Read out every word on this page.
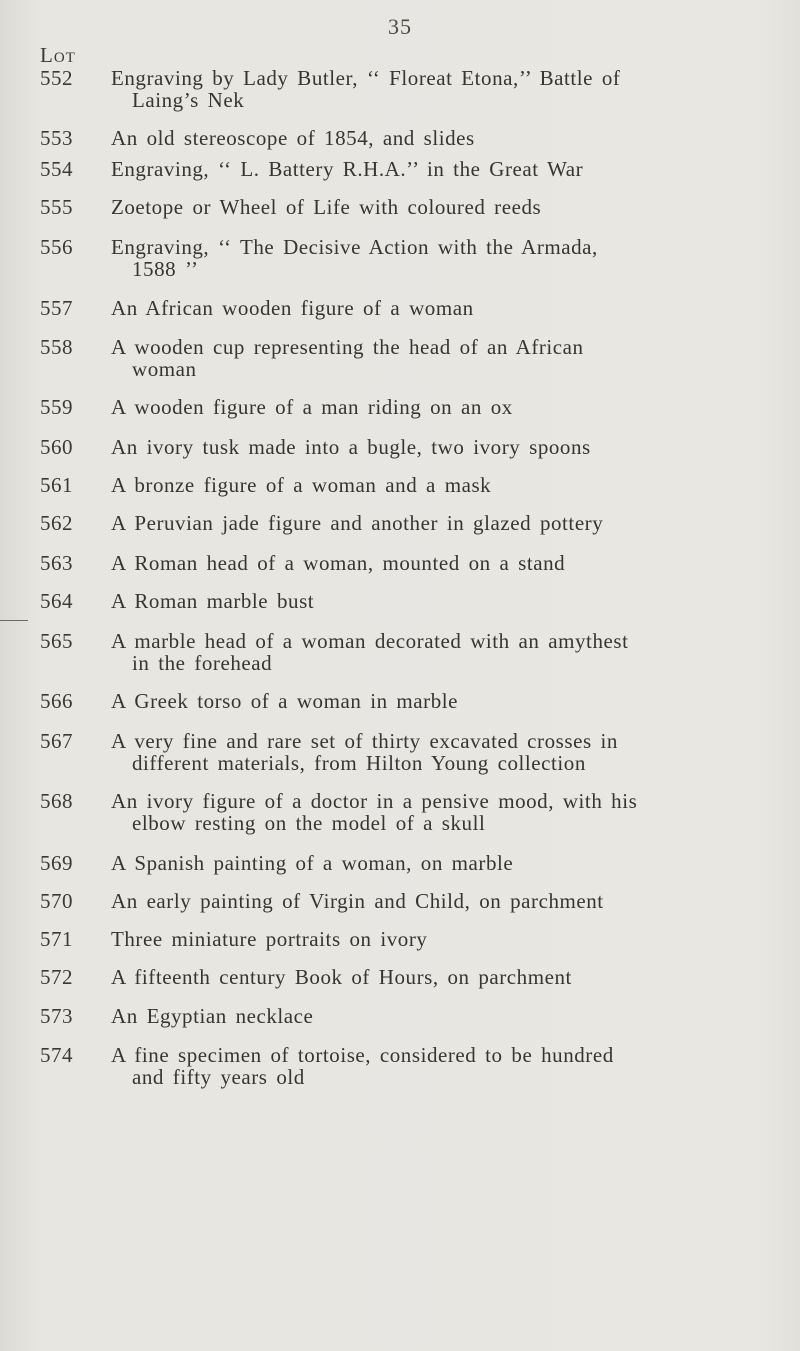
35
Lot
552	Engraving by Lady Butler, ‘‘ Floreat Etona,’’ Battle of
Laing’s Nek
553	An old stereoscope of 1854, and slides
554	Engraving, ‘‘ L. Battery R.H.A.’’ in the Great War
555	Zoetope or Wheel of Life with coloured reeds
556	Engraving, ‘‘ The Decisive Action with the Armada,
1588 ’’
557	An African wooden figure of a woman
558	A wooden cup representing the head of an African
woman
559	A wooden figure of a man riding on an ox
560	An ivory tusk made into a bugle, two ivory spoons
561	A bronze figure of a woman and a mask
562	A Peruvian jade figure and another in glazed pottery
563	A Roman head of a woman, mounted on a stand
564	A Roman marble bust
565	A marble head of a woman decorated with an amythest
in the forehead
566	A Greek torso of a woman in marble
567	A very fine and rare set of thirty excavated crosses in
different materials, from Hilton Young collection
568	An ivory figure of a doctor in a pensive mood, with his
elbow resting on the model of a skull
569	A Spanish painting of a woman, on marble
570	An early painting of Virgin and Child, on parchment
571	Three miniature portraits on ivory
572	A fifteenth century Book of Hours, on parchment
573	An Egyptian necklace
574	A fine specimen of tortoise, considered to be hundred
and fifty years old
